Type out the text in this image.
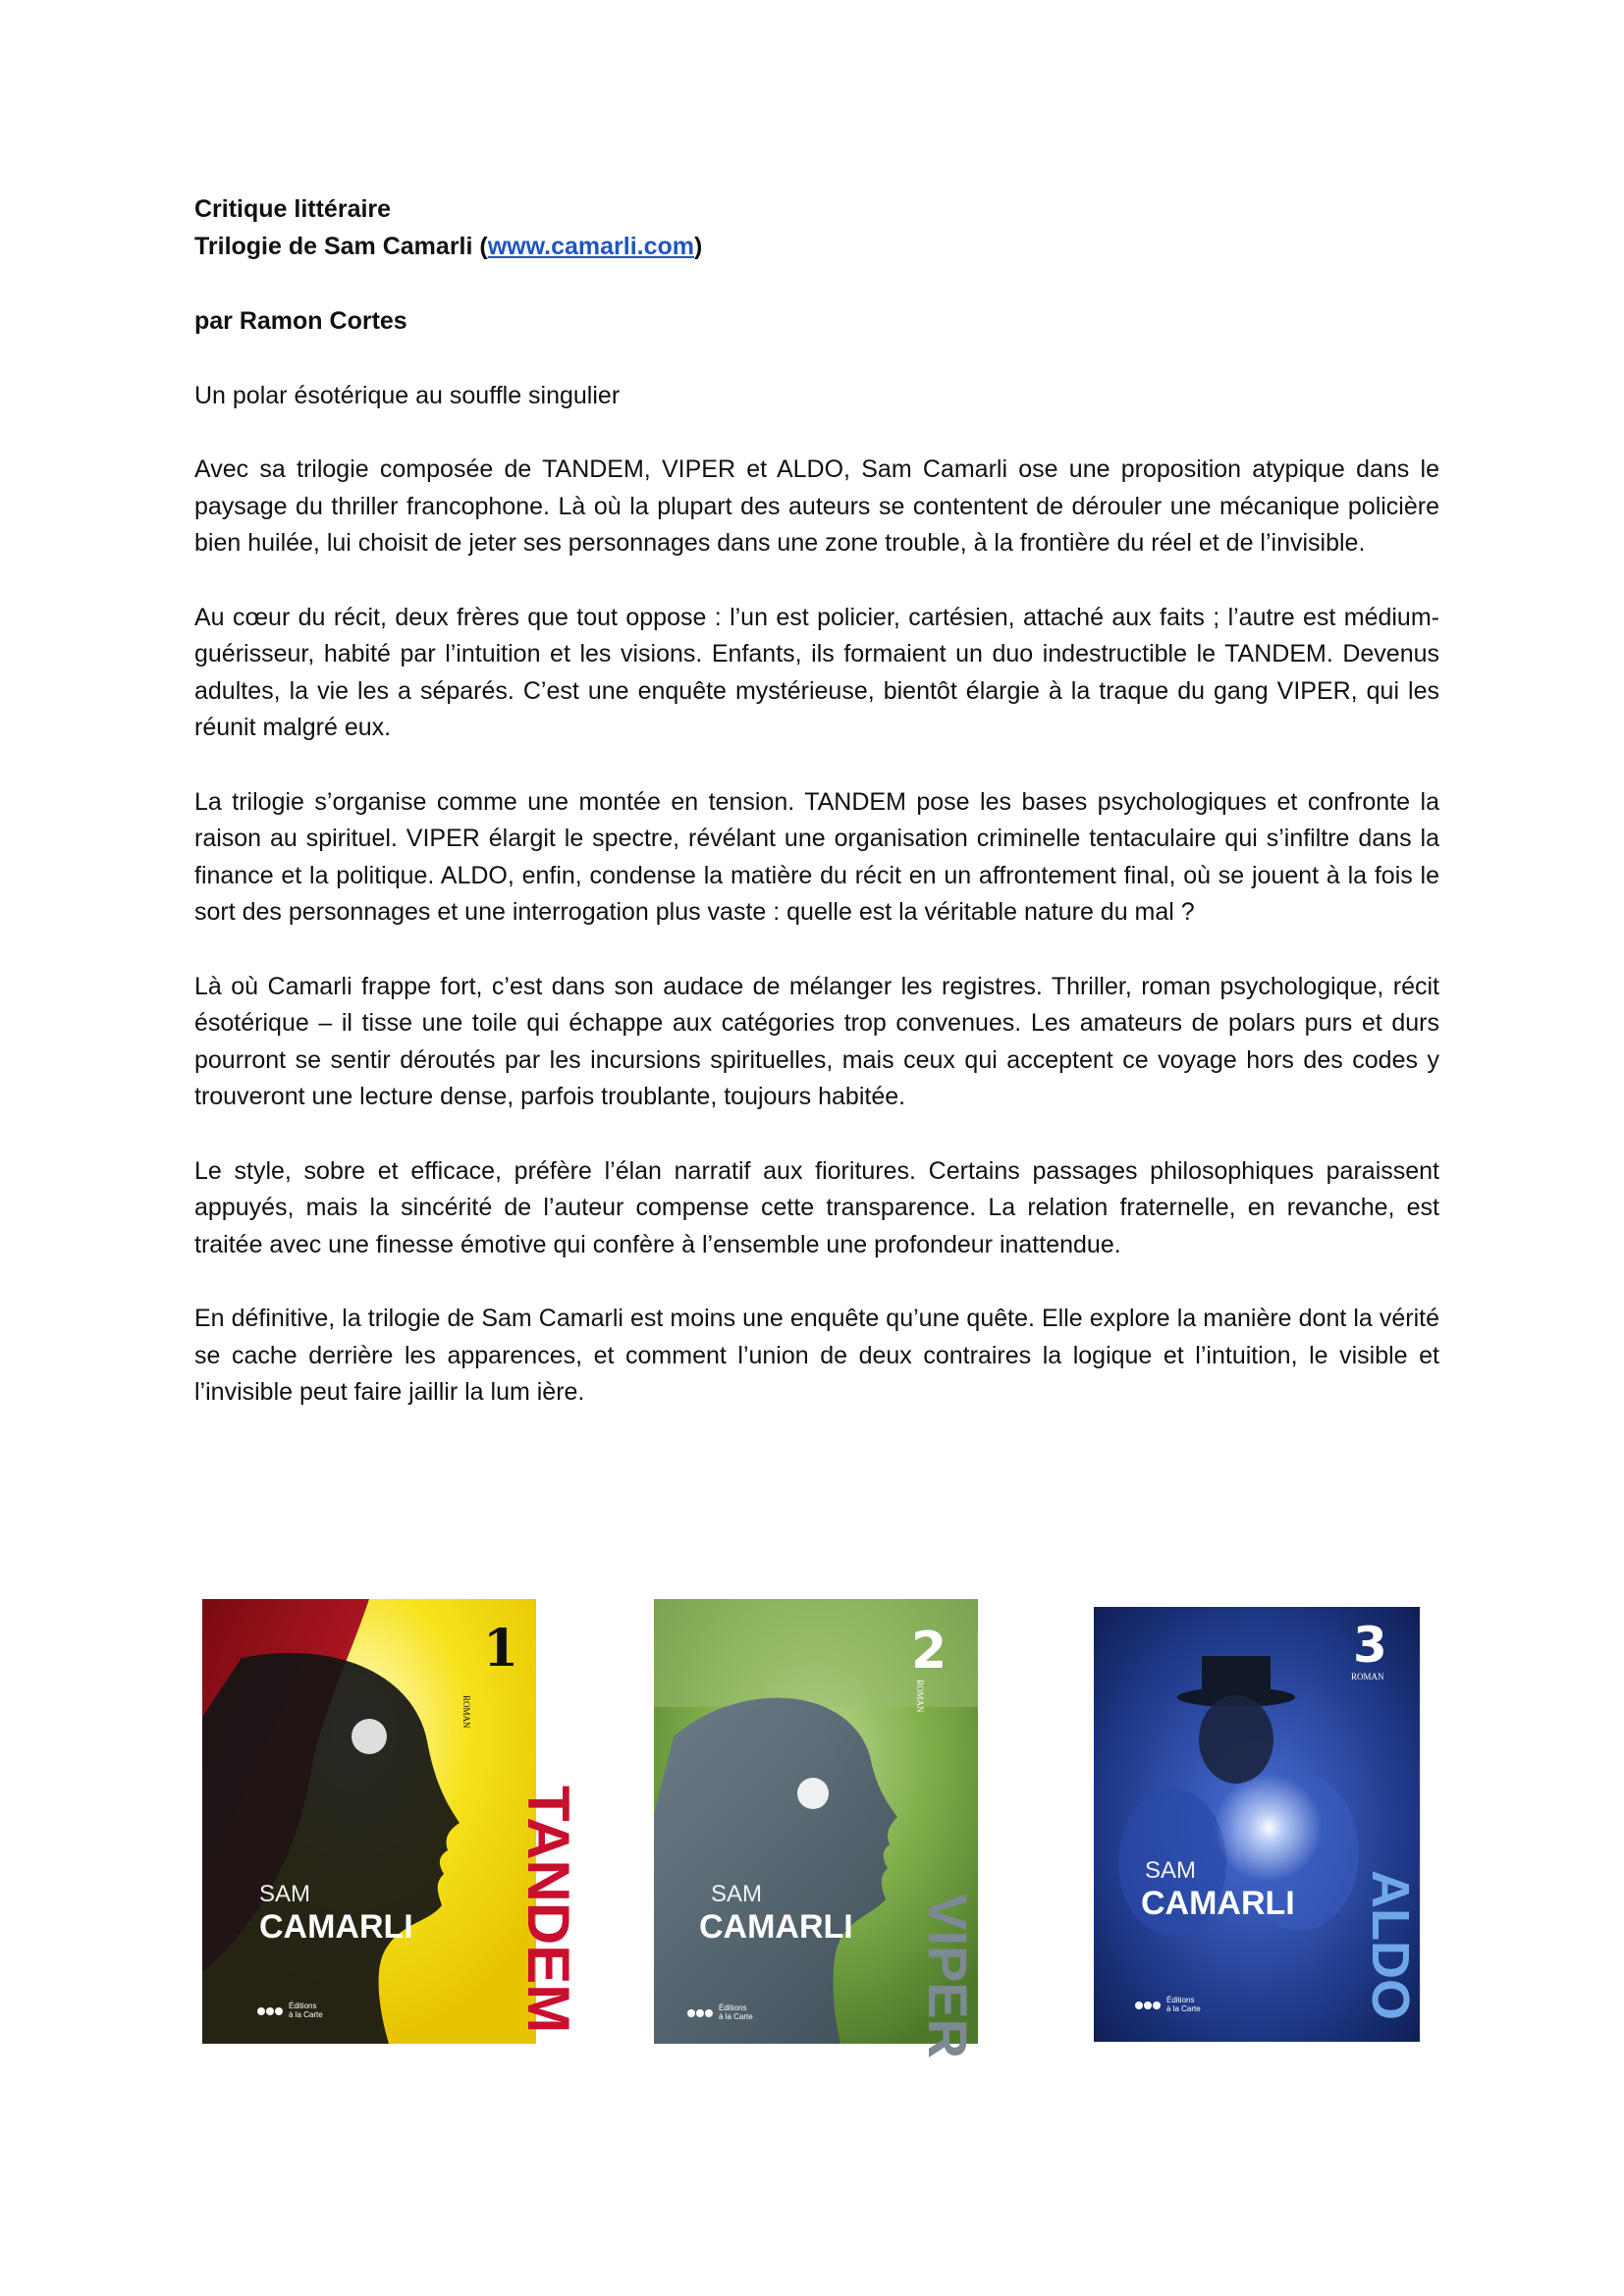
Critique littéraire

Trilogie de Sam Camarli (www.camarli.com)

par Ramon Cortes

Un polar ésotérique au souffle singulier

Avec sa trilogie composée de TANDEM, VIPER et ALDO, Sam Camarli ose une proposition atypique dans le paysage du thriller francophone. Là où la plupart des auteurs se contentent de dérouler une mécanique policière bien huilée, lui choisit de jeter ses personnages dans une zone trouble, à la frontière du réel et de l’invisible.

Au cœur du récit, deux frères que tout oppose : l’un est policier, cartésien, attaché aux faits ; l’autre est médium-guérisseur, habité par l’intuition et les visions. Enfants, ils formaient un duo indestructible le TANDEM. Devenus adultes, la vie les a séparés. C’est une enquête mystérieuse, bientôt élargie à la traque du gang VIPER, qui les réunit malgré eux.

La trilogie s’organise comme une montée en tension. TANDEM pose les bases psychologiques et confronte la raison au spirituel. VIPER élargit le spectre, révélant une organisation criminelle tentaculaire qui s’infiltre dans la finance et la politique. ALDO, enfin, condense la matière du récit en un affrontement final, où se jouent à la fois le sort des personnages et une interrogation plus vaste : quelle est la véritable nature du mal ?

Là où Camarli frappe fort, c’est dans son audace de mélanger les registres. Thriller, roman psychologique, récit ésotérique – il tisse une toile qui échappe aux catégories trop convenues. Les amateurs de polars purs et durs pourront se sentir déroutés par les incursions spirituelles, mais ceux qui acceptent ce voyage hors des codes y trouveront une lecture dense, parfois troublante, toujours habitée.

Le style, sobre et efficace, préfère l’élan narratif aux fioritures. Certains passages philosophiques paraissent appuyés, mais la sincérité de l’auteur compense cette transparence. La relation fraternelle, en revanche, est traitée avec une finesse émotive qui confère à l’ensemble une profondeur inattendue.

En définitive, la trilogie de Sam Camarli est moins une enquête qu’une quête. Elle explore la manière dont la vérité se cache derrière les apparences, et comment l’union de deux contraires la logique et l’intuition, le visible et l’invisible peut faire jaillir la lum ière.

1
ROMAN
SAM
CAMARLI TANDEM
Éditions
à la Carte
2
ROMAN
SAM
CAMARLI VIPER
Éditions
à la Carte
3
ROMAN
SAM
CAMARLI ALDO
Éditions
à la Carte
